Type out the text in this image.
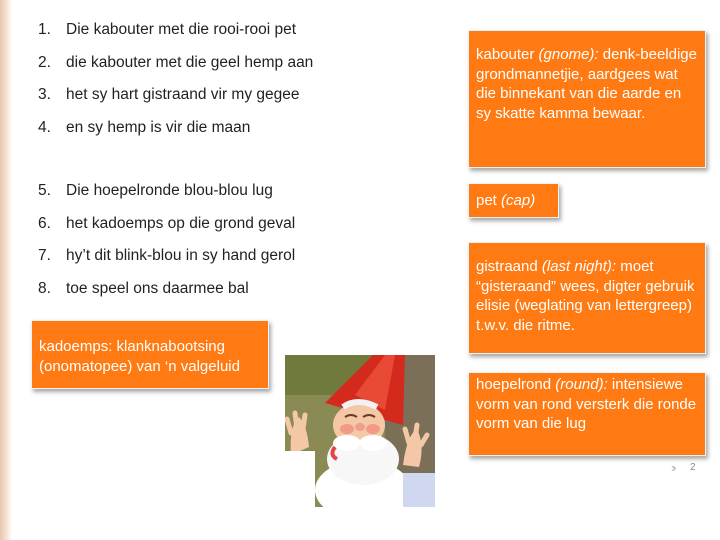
1. Die kabouter met die rooi-rooi pet
2. die kabouter met die geel hemp aan
3. het sy hart gistraand vir my gegee
4. en sy hemp is vir die maan
5. Die hoepelronde blou-blou lug
6. het kadoemps op die grond geval
7. hy’t dit blink-blou in sy hand gerol
8. toe speel ons daarmee bal
kabouter (gnome): denk-beeldige grondmannetjie, aardgees wat die binnekant van die aarde en sy skatte kamma bewaar.
pet (cap)
gistraand (last night): moet “gisteraand” wees, digter gebruik elisie (weglating van lettergreep) t.w.v. die ritme.
hoepelrond (round): intensiewe vorm van rond versterk die ronde vorm van die lug
kadoemps: klanknabootsing (onomatopee) van ‘n valgeluid
›› 2
